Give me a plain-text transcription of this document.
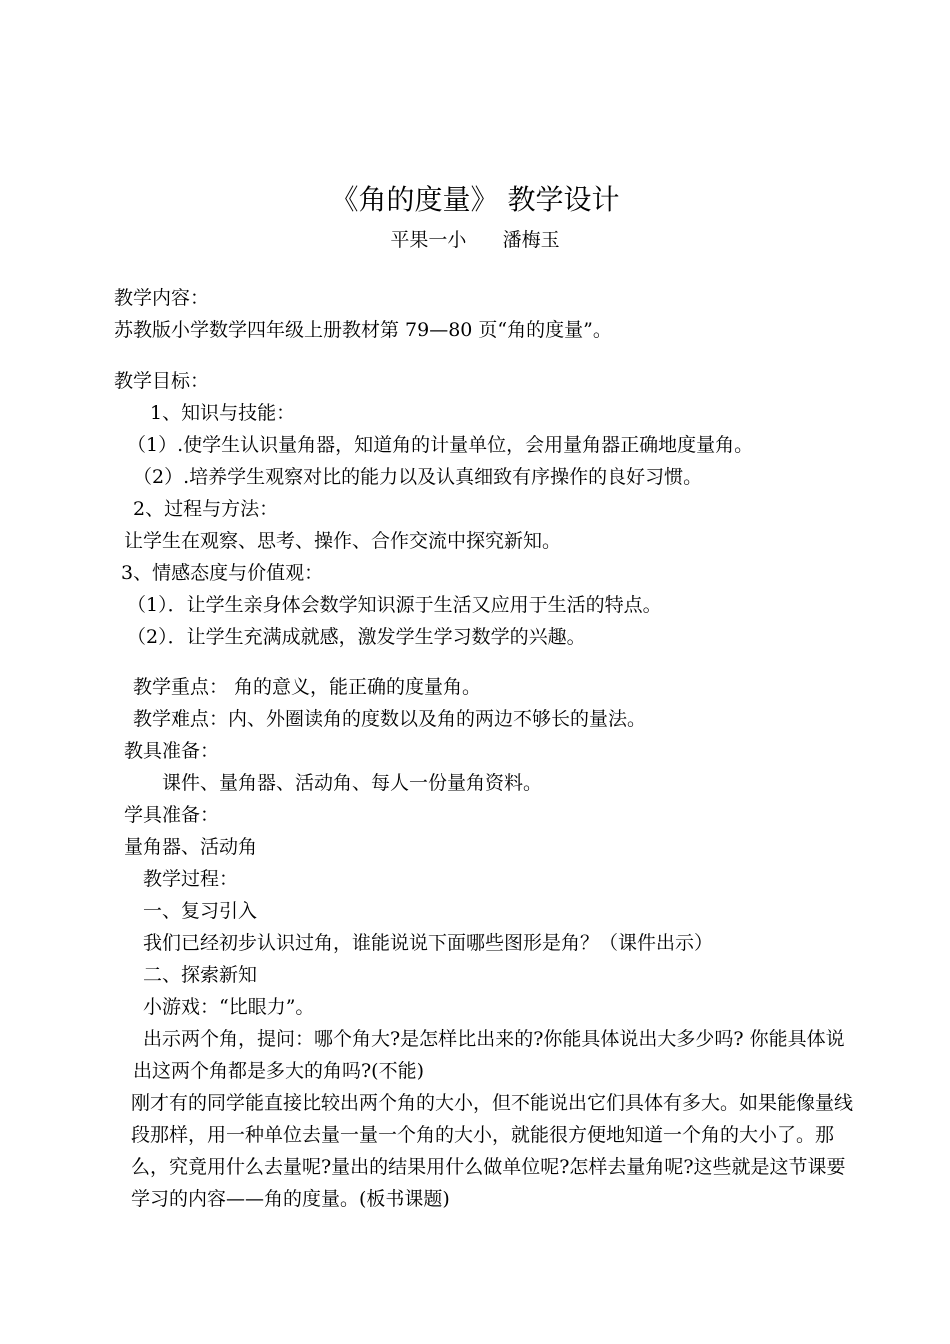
《角的度量》 教学设计
平果一小      潘梅玉
教学内容：
苏教版小学数学四年级上册教材第 79—80 页“角的度量”。
教学目标：
1、知识与技能：
（1）.使学生认识量角器，知道角的计量单位，会用量角器正确地度量角。
（2）.培养学生观察对比的能力以及认真细致有序操作的良好习惯。
2、过程与方法：
让学生在观察、思考、操作、合作交流中探究新知。
3、情感态度与价值观：
（1）．让学生亲身体会数学知识源于生活又应用于生活的特点。
（2）．让学生充满成就感，激发学生学习数学的兴趣。
教学重点： 角的意义，能正确的度量角。
教学难点：内、外圈读角的度数以及角的两边不够长的量法。
教具准备：
课件、量角器、活动角、每人一份量角资料。
学具准备：
量角器、活动角
教学过程：
一、复习引入
我们已经初步认识过角，谁能说说下面哪些图形是角？（课件出示）
二、探索新知
小游戏：“比眼力”。
出示两个角，提问：哪个角大?是怎样比出来的?你能具体说出大多少吗? 你能具体说
出这两个角都是多大的角吗?(不能)
刚才有的同学能直接比较出两个角的大小，但不能说出它们具体有多大。如果能像量线段那样，用一种单位去量一量一个角的大小，就能很方便地知道一个角的大小了。那么，究竟用什么去量呢?量出的结果用什么做单位呢?怎样去量角呢?这些就是这节课要学习的内容——角的度量。(板书课题)
